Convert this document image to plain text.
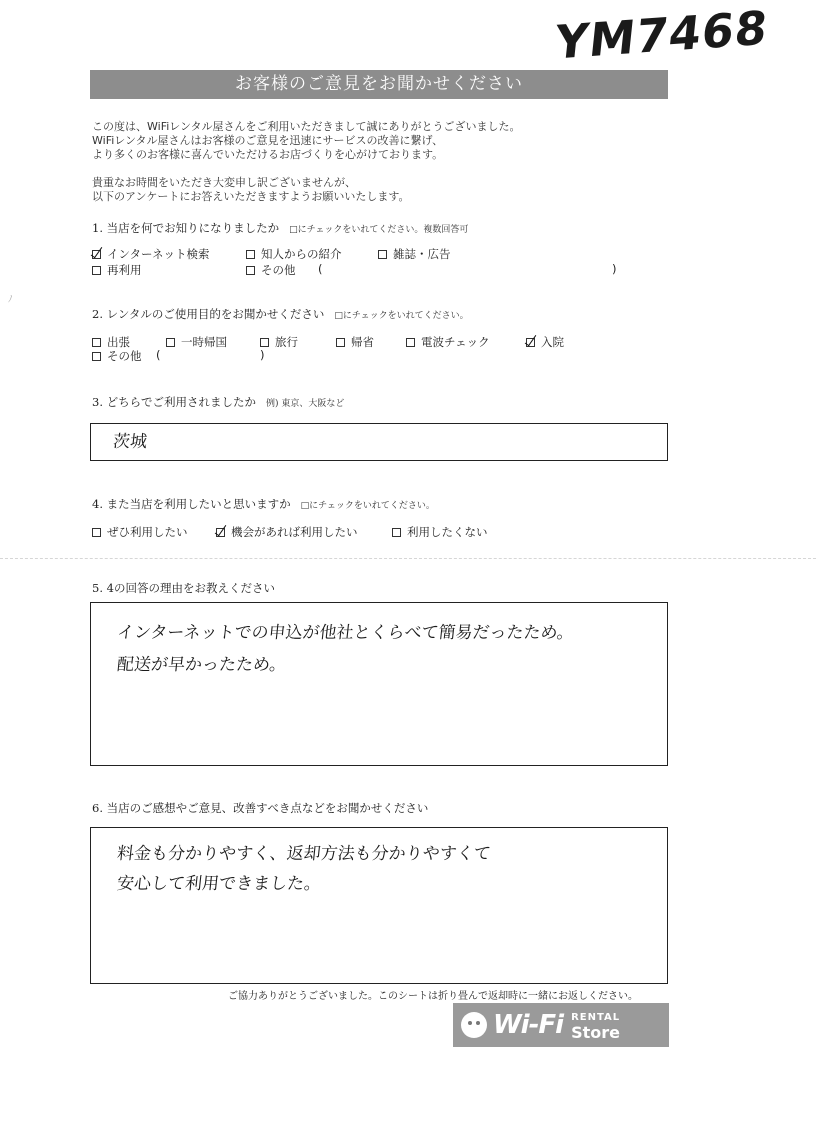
YM7468
お客様のご意見をお聞かせください
この度は、WiFiレンタル屋さんをご利用いただきまして誠にありがとうございました。
WiFiレンタル屋さんはお客様のご意見を迅速にサービスの改善に繋げ、
より多くのお客様に喜んでいただけるお店づくりを心がけております。
貴重なお時間をいただき大変申し訳ございませんが、
以下のアンケートにお答えいただきますようお願いいたします。
1. 当店を何でお知りになりましたか □にチェックをいれてください。複数回答可
インターネット検索	知人からの紹介	雑誌・広告
再利用	その他 (	)
2. レンタルのご使用目的をお聞かせください □にチェックをいれてください。
出張	一時帰国	旅行	帰省	電波チェック	入院
その他 (	)
3. どちらでご利用されましたか 例) 東京、大阪など
茨城
4. また当店を利用したいと思いますか □にチェックをいれてください。
ぜひ利用したい	機会があれば利用したい	利用したくない
5. 4の回答の理由をお教えください
インターネットでの申込が他社とくらべて簡易だったため。
配送が早かったため。
6. 当店のご感想やご意見、改善すべき点などをお聞かせください
料金も分かりやすく、返却方法も分かりやすくて
安心して利用できました。
ご協力ありがとうございました。このシートは折り畳んで返却時に一緒にお返しください。
Wi-Fi RENTAL
Store
ﾉ
